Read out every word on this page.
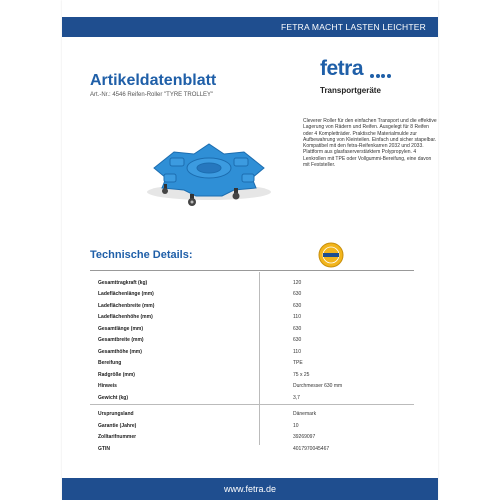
FETRA MACHT LASTEN LEICHTER
Artikeldatenblatt
Art.-Nr.: 4546 Reifen-Roller "TYRE TROLLEY"
fetra
Transportgeräte
Cleverer Roller für den einfachen Transport und die effektive Lagerung von Rädern und Reifen. Ausgelegt für 8 Reifen oder 4 Kompletträder. Praktische Materialmulde zur Aufbewahrung von Kleinteilen. Einfach und sicher stapelbar. Kompatibel mit den fetra-Reifenkarren 2032 und 2033. Plattform aus glasfaserverstärktem Polypropylen. 4 Lenkrollen mit TPE oder Vollgummi-Bereifung, eine davon mit Feststeller.
Technische Details:
Gesamttragkraft (kg)	120
Ladeflächenlänge (mm)	630
Ladeflächenbreite (mm)	630
Ladeflächenhöhe (mm)	110
Gesamtlänge (mm)	630
Gesamtbreite (mm)	630
Gesamthöhe (mm)	110
Bereifung	TPE
Radgröße (mm)	75 x 25
Hinweis	Durchmesser 630 mm
Gewicht (kg)	3,7
Ursprungsland	Dänemark
Garantie (Jahre)	10
Zolltarifnummer	39269097
GTIN	4017970045467
www.fetra.de
